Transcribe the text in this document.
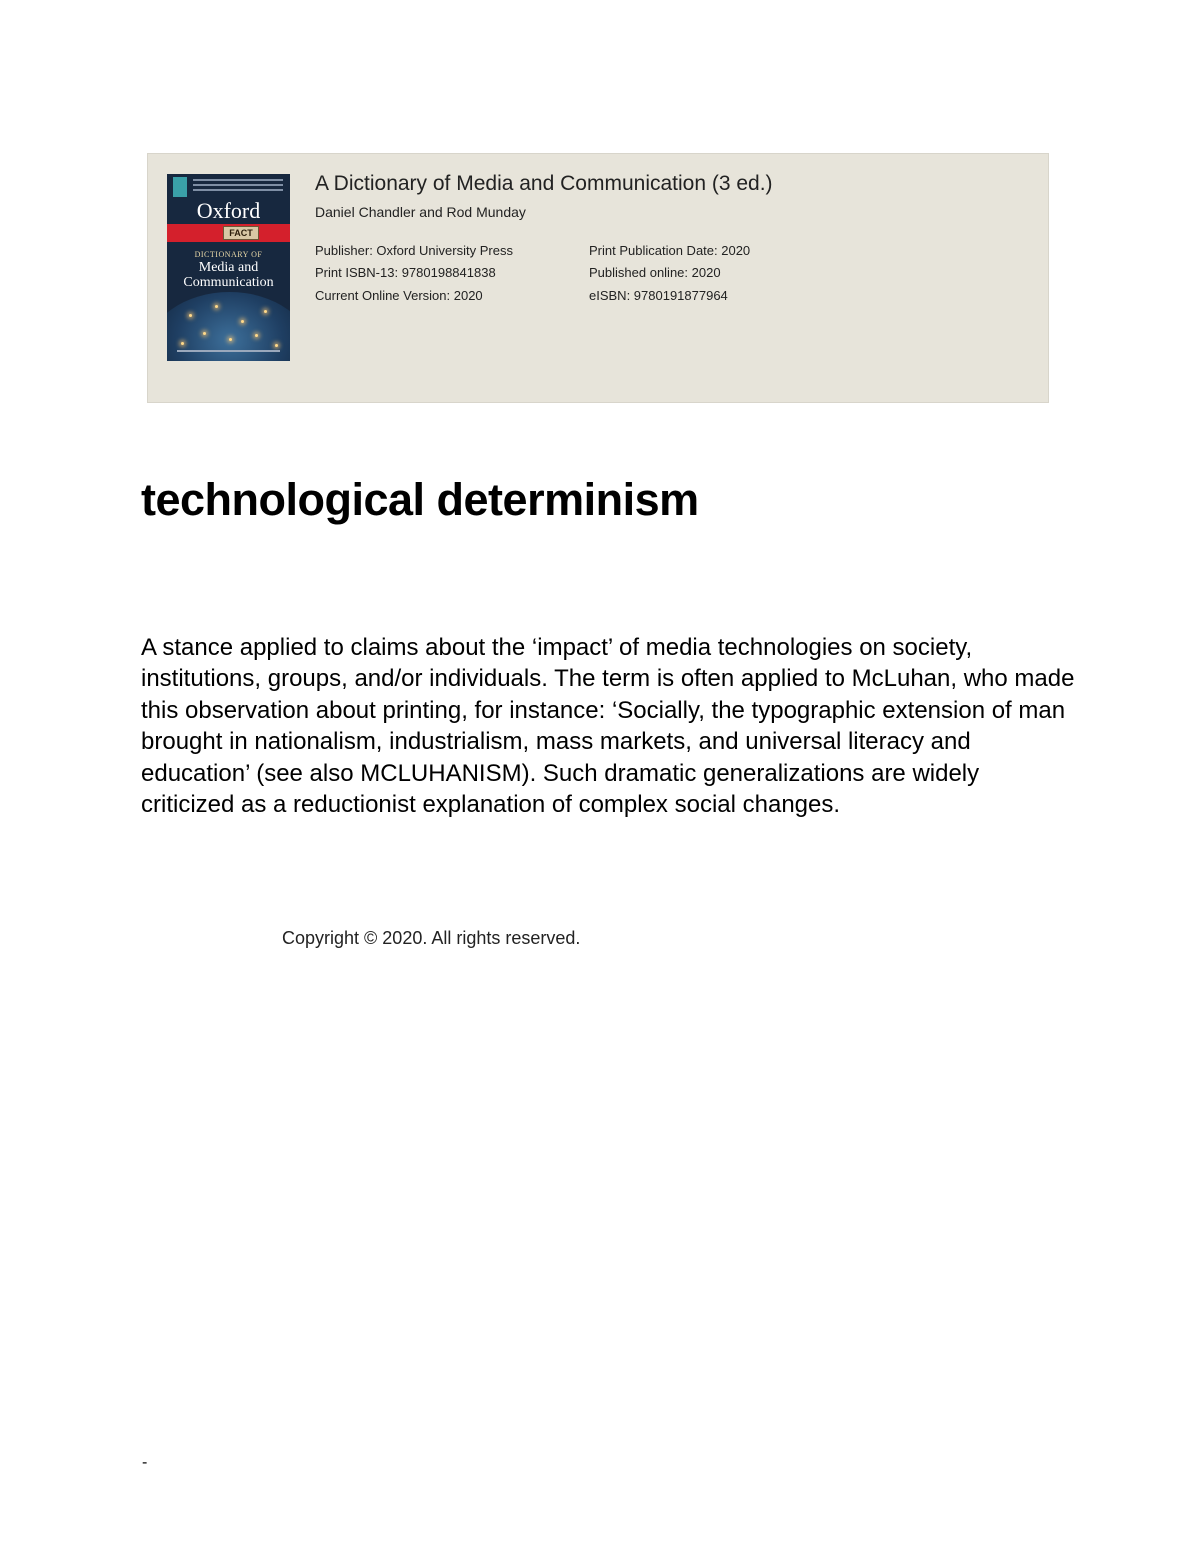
Oxford
FACT
DICTIONARY OF
Media and Communication
A Dictionary of Media and Communication (3 ed.)
Daniel Chandler and Rod Munday
Publisher: Oxford University Press
Print ISBN-13: 9780198841838
Current Online Version: 2020
Print Publication Date: 2020
Published online: 2020
eISBN: 9780191877964
technological determinism

A stance applied to claims about the ‘impact’ of media technologies on society, institutions, groups, and/or individuals. The term is often applied to McLuhan, who made this observation about printing, for instance: ‘Socially, the typographic extension of man brought in nationalism, industrialism, mass markets, and universal literacy and education’ (see also MCLUHANISM). Such dramatic generalizations are widely criticized as a reductionist explanation of complex social changes.

Copyright © 2020. All rights reserved.
-
